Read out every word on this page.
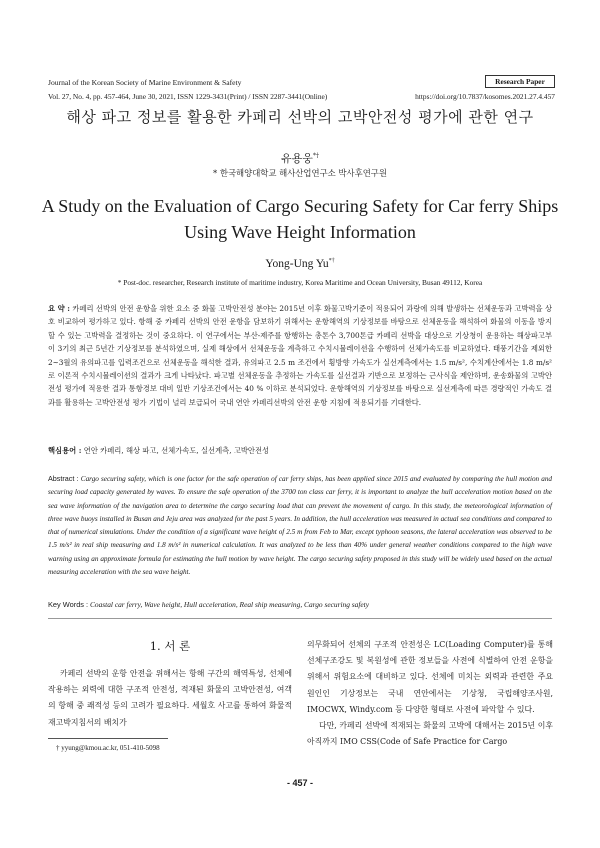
Journal of the Korean Society of Marine Environment & Safety	Research Paper
Vol. 27, No. 4, pp. 457-464, June 30, 2021, ISSN 1229-3431(Print) / ISSN 2287-3441(Online)	https://doi.org/10.7837/kosomes.2021.27.4.457
해상 파고 정보를 활용한 카페리 선박의 고박안전성 평가에 관한 연구
유용웅*†
* 한국해양대학교 해사산업연구소 박사후연구원
A Study on the Evaluation of Cargo Securing Safety for Car ferry Ships Using Wave Height Information
Yong-Ung Yu*†
* Post-doc. researcher, Research institute of maritime industry, Korea Maritime and Ocean University, Busan 49112, Korea
요 약 : 카페리 선박의 안전 운항을 위한 요소 중 화물 고박안전성 분야는 2015년 이후 화물고박기준이 적용되어 과랑에 의해 발생하는 선체운동과 고박력을 상호 비교하여 평가하고 있다. 항해 중 카페리 선박의 안전 운항을 담보하기 위해서는 운항해역의 기상정보를 바탕으로 선체운동을 해석하여 화물의 이동을 방지할 수 있는 고박력을 결정하는 것이 중요하다. 이 연구에서는 부산-제주를 항행하는 총톤수 3,700톤급 카페리 선박을 대상으로 기상청이 운용하는 해상파고부이 3기의 최근 5년간 기상정보를 분석하였으며, 실제 해상에서 선체운동을 계측하고 수치시뮬레이션을 수행하여 선체가속도를 비교하였다. 태풍기간을 제외한 2~3월의 유의파고를 입력조건으로 선체운동을 해석한 결과, 유의파고 2.5 m 조건에서 횡방향 가속도가 실선계측에서는 1.5 m/s², 수치계산에서는 1.8 m/s²로 이론적 수치시뮬레이션의 결과가 크게 나타났다. 파고별 선체운동을 추정하는 가속도를 실선결과 기반으로 보정하는 근사식을 제안하며, 운송화물의 고박안전성 평가에 적용한 결과 통항경보 대비 일반 기상조건에서는 40 % 이하로 분석되었다. 운항해역의 기상정보를 바탕으로 실선계측에 따른 경량적인 가속도 결과를 활용하는 고박안전성 평가 기법이 널리 보급되어 국내 연안 카페리선박의 안전 운항 지침에 적용되기를 기대한다.
핵심용어 : 연안 카페리, 해상 파고, 선체가속도, 실선계측, 고박안전성
Abstract : Cargo securing safety, which is one factor for the safe operation of car ferry ships, has been applied since 2015 and evaluated by comparing the hull motion and securing load capacity generated by waves. To ensure the safe operation of the 3700 ton class car ferry, it is important to analyze the hull acceleration motion based on the sea wave information of the navigation area to determine the cargo securing load that can prevent the movement of cargo. In this study, the meteorological information of three wave buoys installed in Busan and Jeju area was analyzed for the past 5 years. In addition, the hull acceleration was measured in actual sea conditions and compared to that of numerical simulations. Under the condition of a significant wave height of 2.5 m from Feb to Mar, except typhoon seasons, the lateral acceleration was observed to be 1.5 m/s² in real ship measuring and 1.8 m/s² in numerical calculation. It was analyzed to be less than 40% under general weather conditions compared to the high wave warning using an approximate formula for estimating the hull motion by wave height. The cargo securing safety proposed in this study will be widely used based on the actual measuring acceleration with the sea wave height.
Key Words : Coastal car ferry, Wave height, Hull acceleration, Real ship measuring, Cargo securing safety
1. 서 론

카페리 선박의 운항 안전을 위해서는 항해 구간의 해역특성, 선체에 작용하는 외력에 대한 구조적 안전성, 적재된 화물의 고박안전성, 여객의 항해 중 쾌적성 등의 고려가 필요하다. 세월호 사고를 통하여 화물적재고박지침서의 배치가

† yyung@kmou.ac.kr, 051-410-5098

의무화되어 선체의 구조적 안전성은 LC(Loading Computer)를 통해 선체구조강도 및 복원성에 관한 정보들을 사전에 식별하여 안전 운항을 위해서 위험요소에 대비하고 있다. 선체에 미치는 외력과 관련한 주요 원인인 기상정보는 국내 연안에서는 기상청, 국립해양조사원, IMOCWX, Windy.com 등 다양한 형태로 사전에 파악할 수 있다.

다만, 카페리 선박에 적재되는 화물의 고박에 대해서는 2015년 이후 아직까지 IMO CSS(Code of Safe Practice for Cargo

- 457 -
